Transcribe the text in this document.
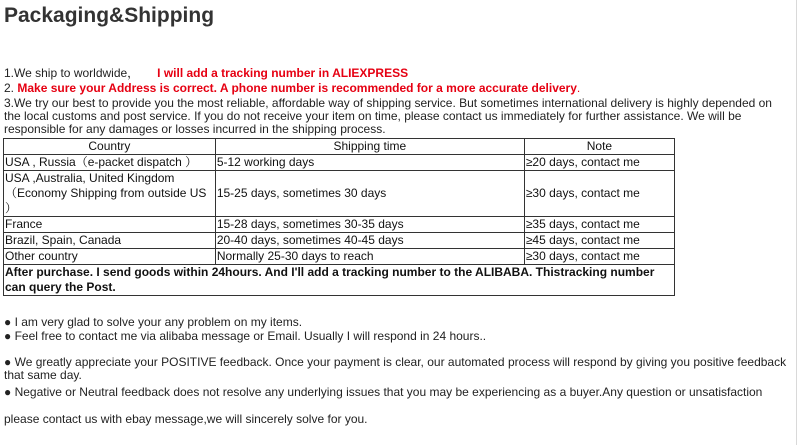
Packaging&Shipping
1.We ship to worldwide， I will add a tracking number in ALIEXPRESS
2. Make sure your Address is correct. A phone number is recommended for a more accurate delivery.
3.We try our best to provide you the most reliable, affordable way of shipping service. But sometimes international delivery is highly depended on the local customs and post service. If you do not receive your item on time, please contact us immediately for further assistance. We will be responsible for any damages or losses incurred in the shipping process.
Country	Shipping time	Note
USA , Russia（e-packet dispatch ）	5-12 working days	≥20 days, contact me
USA ,Australia, United Kingdom（Economy Shipping from outside US ）	15-25 days, sometimes 30 days	≥30 days, contact me
France	15-28 days, sometimes 30-35 days	≥35 days, contact me
Brazil, Spain, Canada	20-40 days, sometimes 40-45 days	≥45 days, contact me
Other country	Normally 25-30 days to reach	≥30 days, contact me
After purchase. I send goods within 24hours. And I'll add a tracking number to the ALIBABA. Thistracking number can query the Post.		
● I am very glad to solve your any problem on my items.
● Feel free to contact me via alibaba message or Email. Usually I will respond in 24 hours..
● We greatly appreciate your POSITIVE feedback. Once your payment is clear, our automated process will respond by giving you positive feedback that same day.
● Negative or Neutral feedback does not resolve any underlying issues that you may be experiencing as a buyer.Any question or unsatisfaction
please contact us with ebay message,we will sincerely solve for you.
